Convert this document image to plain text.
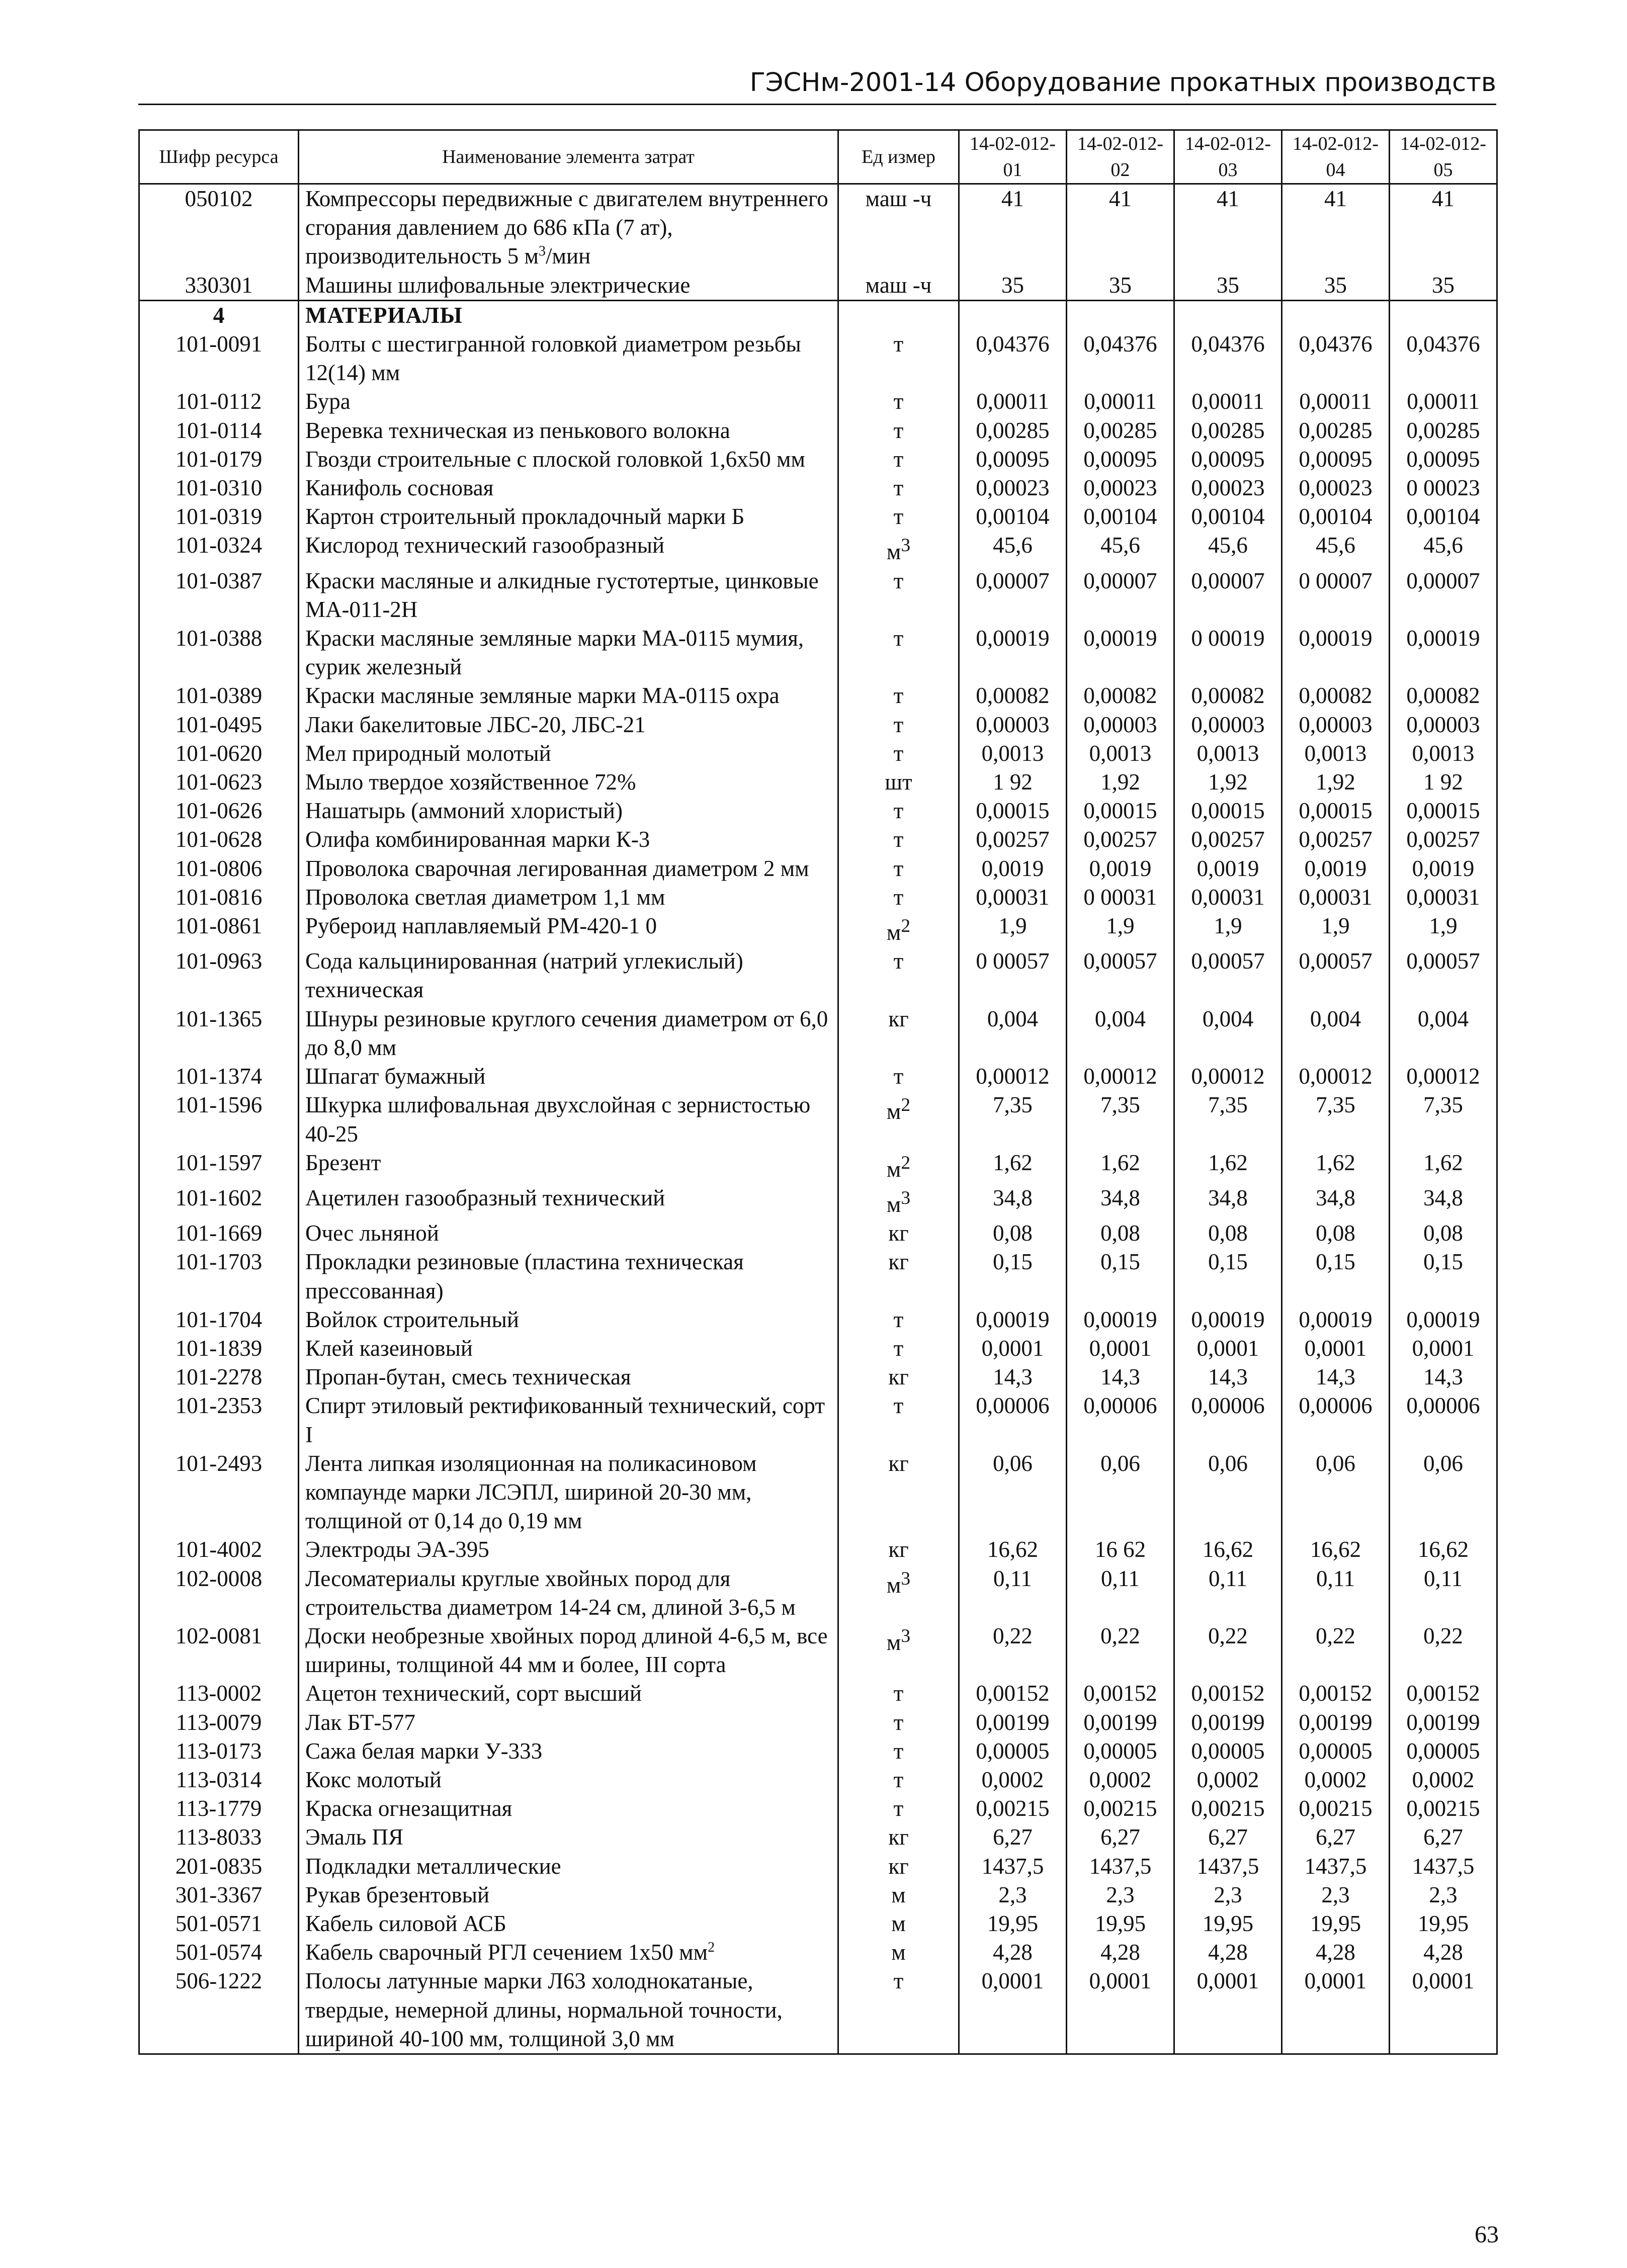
ГЭСНм-2001-14 Оборудование прокатных производств
Шифр ресурса	Наименование элемента затрат	Ед измер	14-02-012-01	14-02-012-02	14-02-012-03	14-02-012-04	14-02-012-05
050102	Компрессоры передвижные с двигателем внутреннего сгорания давлением до 686 кПа (7 ат), производительность 5 $м^3$/мин	маш -ч	41	41	41	41	41
330301	Машины шлифовальные электрические	маш -ч	35	35	35	35	35
4	МАТЕРИАЛЫ						
101-0091	Болты с шестигранной головкой диаметром резьбы 12(14) мм	т	0,04376	0,04376	0,04376	0,04376	0,04376
101-0112	Бура	т	0,00011	0,00011	0,00011	0,00011	0,00011
101-0114	Веревка техническая из пенькового волокна	т	0,00285	0,00285	0,00285	0,00285	0,00285
101-0179	Гвозди строительные с плоской головкой 1,6х50 мм	т	0,00095	0,00095	0,00095	0,00095	0,00095
101-0310	Канифоль сосновая	т	0,00023	0,00023	0,00023	0,00023	0 00023
101-0319	Картон строительный прокладочный марки Б	т	0,00104	0,00104	0,00104	0,00104	0,00104
101-0324	Кислород технический газообразный	$м^3$	45,6	45,6	45,6	45,6	45,6
101-0387	Краски масляные и алкидные густотертые, цинковые МА-011-2Н	т	0,00007	0,00007	0,00007	0 00007	0,00007
101-0388	Краски масляные земляные марки МА-0115 мумия, сурик железный	т	0,00019	0,00019	0 00019	0,00019	0,00019
101-0389	Краски масляные земляные марки МА-0115 охра	т	0,00082	0,00082	0,00082	0,00082	0,00082
101-0495	Лаки бакелитовые ЛБС-20, ЛБС-21	т	0,00003	0,00003	0,00003	0,00003	0,00003
101-0620	Мел природный молотый	т	0,0013	0,0013	0,0013	0,0013	0,0013
101-0623	Мыло твердое хозяйственное 72%	шт	1 92	1,92	1,92	1,92	1 92
101-0626	Нашатырь (аммоний хлористый)	т	0,00015	0,00015	0,00015	0,00015	0,00015
101-0628	Олифа комбинированная марки К-3	т	0,00257	0,00257	0,00257	0,00257	0,00257
101-0806	Проволока сварочная легированная диаметром 2 мм	т	0,0019	0,0019	0,0019	0,0019	0,0019
101-0816	Проволока светлая диаметром 1,1 мм	т	0,00031	0 00031	0,00031	0,00031	0,00031
101-0861	Рубероид наплавляемый РМ-420-1 0	$м^2$	1,9	1,9	1,9	1,9	1,9
101-0963	Сода кальцинированная (натрий углекислый) техническая	т	0 00057	0,00057	0,00057	0,00057	0,00057
101-1365	Шнуры резиновые круглого сечения диаметром от 6,0 до 8,0 мм	кг	0,004	0,004	0,004	0,004	0,004
101-1374	Шпагат бумажный	т	0,00012	0,00012	0,00012	0,00012	0,00012
101-1596	Шкурка шлифовальная двухслойная с зернистостью 40-25	$м^2$	7,35	7,35	7,35	7,35	7,35
101-1597	Брезент	$м^2$	1,62	1,62	1,62	1,62	1,62
101-1602	Ацетилен газообразный технический	$м^3$	34,8	34,8	34,8	34,8	34,8
101-1669	Очес льняной	кг	0,08	0,08	0,08	0,08	0,08
101-1703	Прокладки резиновые (пластина техническая прессованная)	кг	0,15	0,15	0,15	0,15	0,15
101-1704	Войлок строительный	т	0,00019	0,00019	0,00019	0,00019	0,00019
101-1839	Клей казеиновый	т	0,0001	0,0001	0,0001	0,0001	0,0001
101-2278	Пропан-бутан, смесь техническая	кг	14,3	14,3	14,3	14,3	14,3
101-2353	Спирт этиловый ректификованный технический, сорт I	т	0,00006	0,00006	0,00006	0,00006	0,00006
101-2493	Лента липкая изоляционная на поликасиновом компаунде марки ЛСЭПЛ, шириной 20-30 мм, толщиной от 0,14 до 0,19 мм	кг	0,06	0,06	0,06	0,06	0,06
101-4002	Электроды ЭА-395	кг	16,62	16 62	16,62	16,62	16,62
102-0008	Лесоматериалы круглые хвойных пород для строительства диаметром 14-24 см, длиной 3-6,5 м	$м^3$	0,11	0,11	0,11	0,11	0,11
102-0081	Доски необрезные хвойных пород длиной 4-6,5 м, все ширины, толщиной 44 мм и более, III сорта	$м^3$	0,22	0,22	0,22	0,22	0,22
113-0002	Ацетон технический, сорт высший	т	0,00152	0,00152	0,00152	0,00152	0,00152
113-0079	Лак БТ-577	т	0,00199	0,00199	0,00199	0,00199	0,00199
113-0173	Сажа белая марки У-333	т	0,00005	0,00005	0,00005	0,00005	0,00005
113-0314	Кокс молотый	т	0,0002	0,0002	0,0002	0,0002	0,0002
113-1779	Краска огнезащитная	т	0,00215	0,00215	0,00215	0,00215	0,00215
113-8033	Эмаль ПЯ	кг	6,27	6,27	6,27	6,27	6,27
201-0835	Подкладки металлические	кг	1437,5	1437,5	1437,5	1437,5	1437,5
301-3367	Рукав брезентовый	м	2,3	2,3	2,3	2,3	2,3
501-0571	Кабель силовой АСБ	м	19,95	19,95	19,95	19,95	19,95
501-0574	Кабель сварочный РГЛ сечением 1х50 $мм^2$	м	4,28	4,28	4,28	4,28	4,28
506-1222	Полосы латунные марки Л63 холоднокатаные, твердые, немерной длины, нормальной точности, шириной 40-100 мм, толщиной 3,0 мм	т	0,0001	0,0001	0,0001	0,0001	0,0001
63
